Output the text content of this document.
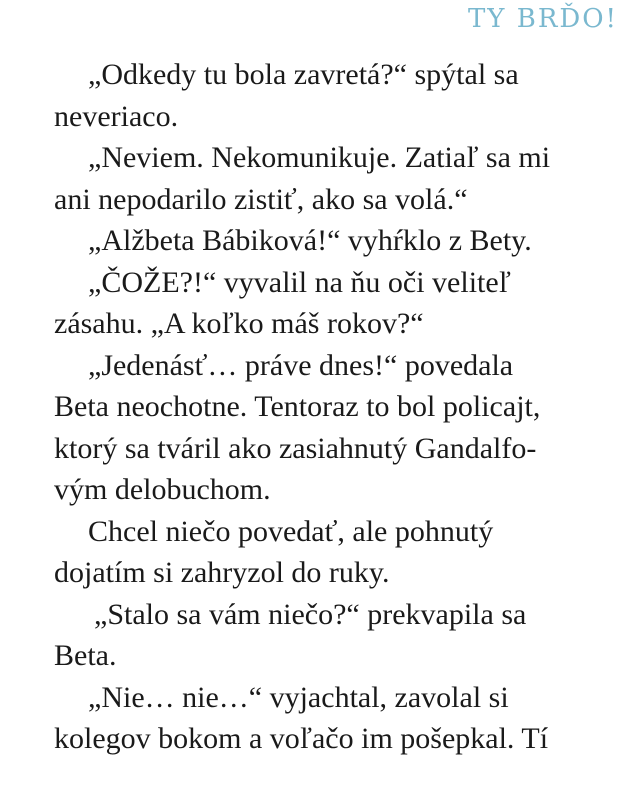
TY BRĎO!

„Odkedy tu bola zavretá?“ spýtal sa
neveriaco.

„Neviem. Nekomunikuje. Zatiaľ sa mi
ani nepodarilo zistiť, ako sa volá.“

„Alžbeta Bábiková!“ vyhŕklo z Bety.

„ČOŽE?!“ vyvalil na ňu oči veliteľ
zásahu. „A koľko máš rokov?“

„Jedenásť… práve dnes!“ povedala
Beta neochotne. Tentoraz to bol policajt,
ktorý sa tváril ako zasiahnutý Gandalfo-
vým delobuchom.

Chcel niečo povedať, ale pohnutý
dojatím si zahryzol do ruky.

„Stalo sa vám niečo?“ prekvapila sa
Beta.

„Nie… nie…“ vyjachtal, zavolal si
kolegov bokom a voľačo im pošepkal. Tí
